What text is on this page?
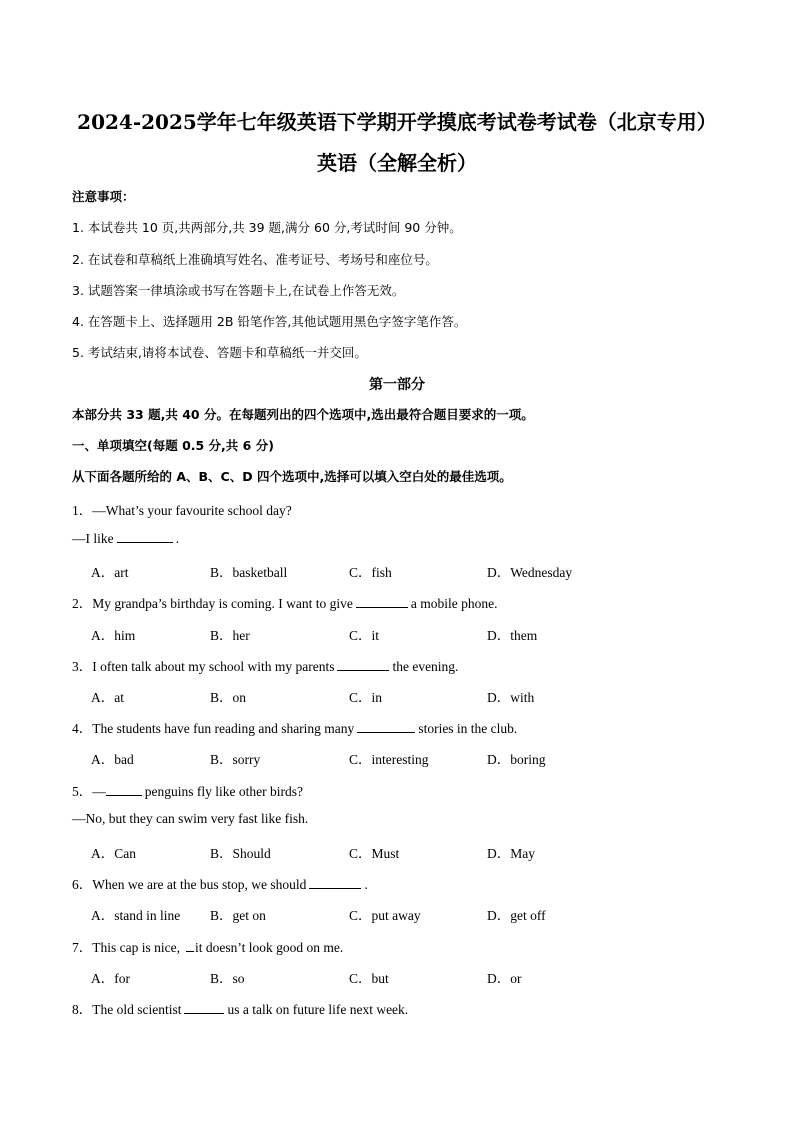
2024-2025学年七年级英语下学期开学摸底考试卷考试卷（北京专用）
英语（全解全析）
注意事项：
1. 本试卷共 10 页,共两部分,共 39 题,满分 60 分,考试时间 90 分钟。
2. 在试卷和草稿纸上准确填写姓名、准考证号、考场号和座位号。
3. 试题答案一律填涂或书写在答题卡上,在试卷上作答无效。
4. 在答题卡上、选择题用 2B 铅笔作答,其他试题用黑色字签字笔作答。
5. 考试结束,请将本试卷、答题卡和草稿纸一并交回。
第一部分
本部分共 33 题,共 40 分。在每题列出的四个选项中,选出最符合题目要求的一项。
一、单项填空(每题 0.5 分,共 6 分)
从下面各题所给的 A、B、C、D 四个选项中,选择可以填入空白处的最佳选项。
1．—What’s your favourite school day?
—I like	.
A．art	B．basketball	C．fish	D．Wednesday
2．My grandpa’s birthday is coming. I want to give	a mobile phone.
A．him	B．her	C．it	D．them
3．I often talk about my school with my parents	the evening.
A．at	B．on	C．in	D．with
4．The students have fun reading and sharing many	stories in the club.
A．bad	B．sorry	C．interesting	D．boring
5．—	penguins fly like other birds?
—No, but they can swim very fast like fish.
A．Can	B．Should	C．Must	D．May
6．When we are at the bus stop, we should	.
A．stand in line B．get on	C．put away	D．get off
7．This cap is nice, it doesn’t look good on me.
A．for	B．so	C．but	D．or
8．The old scientist	us a talk on future life next week.
